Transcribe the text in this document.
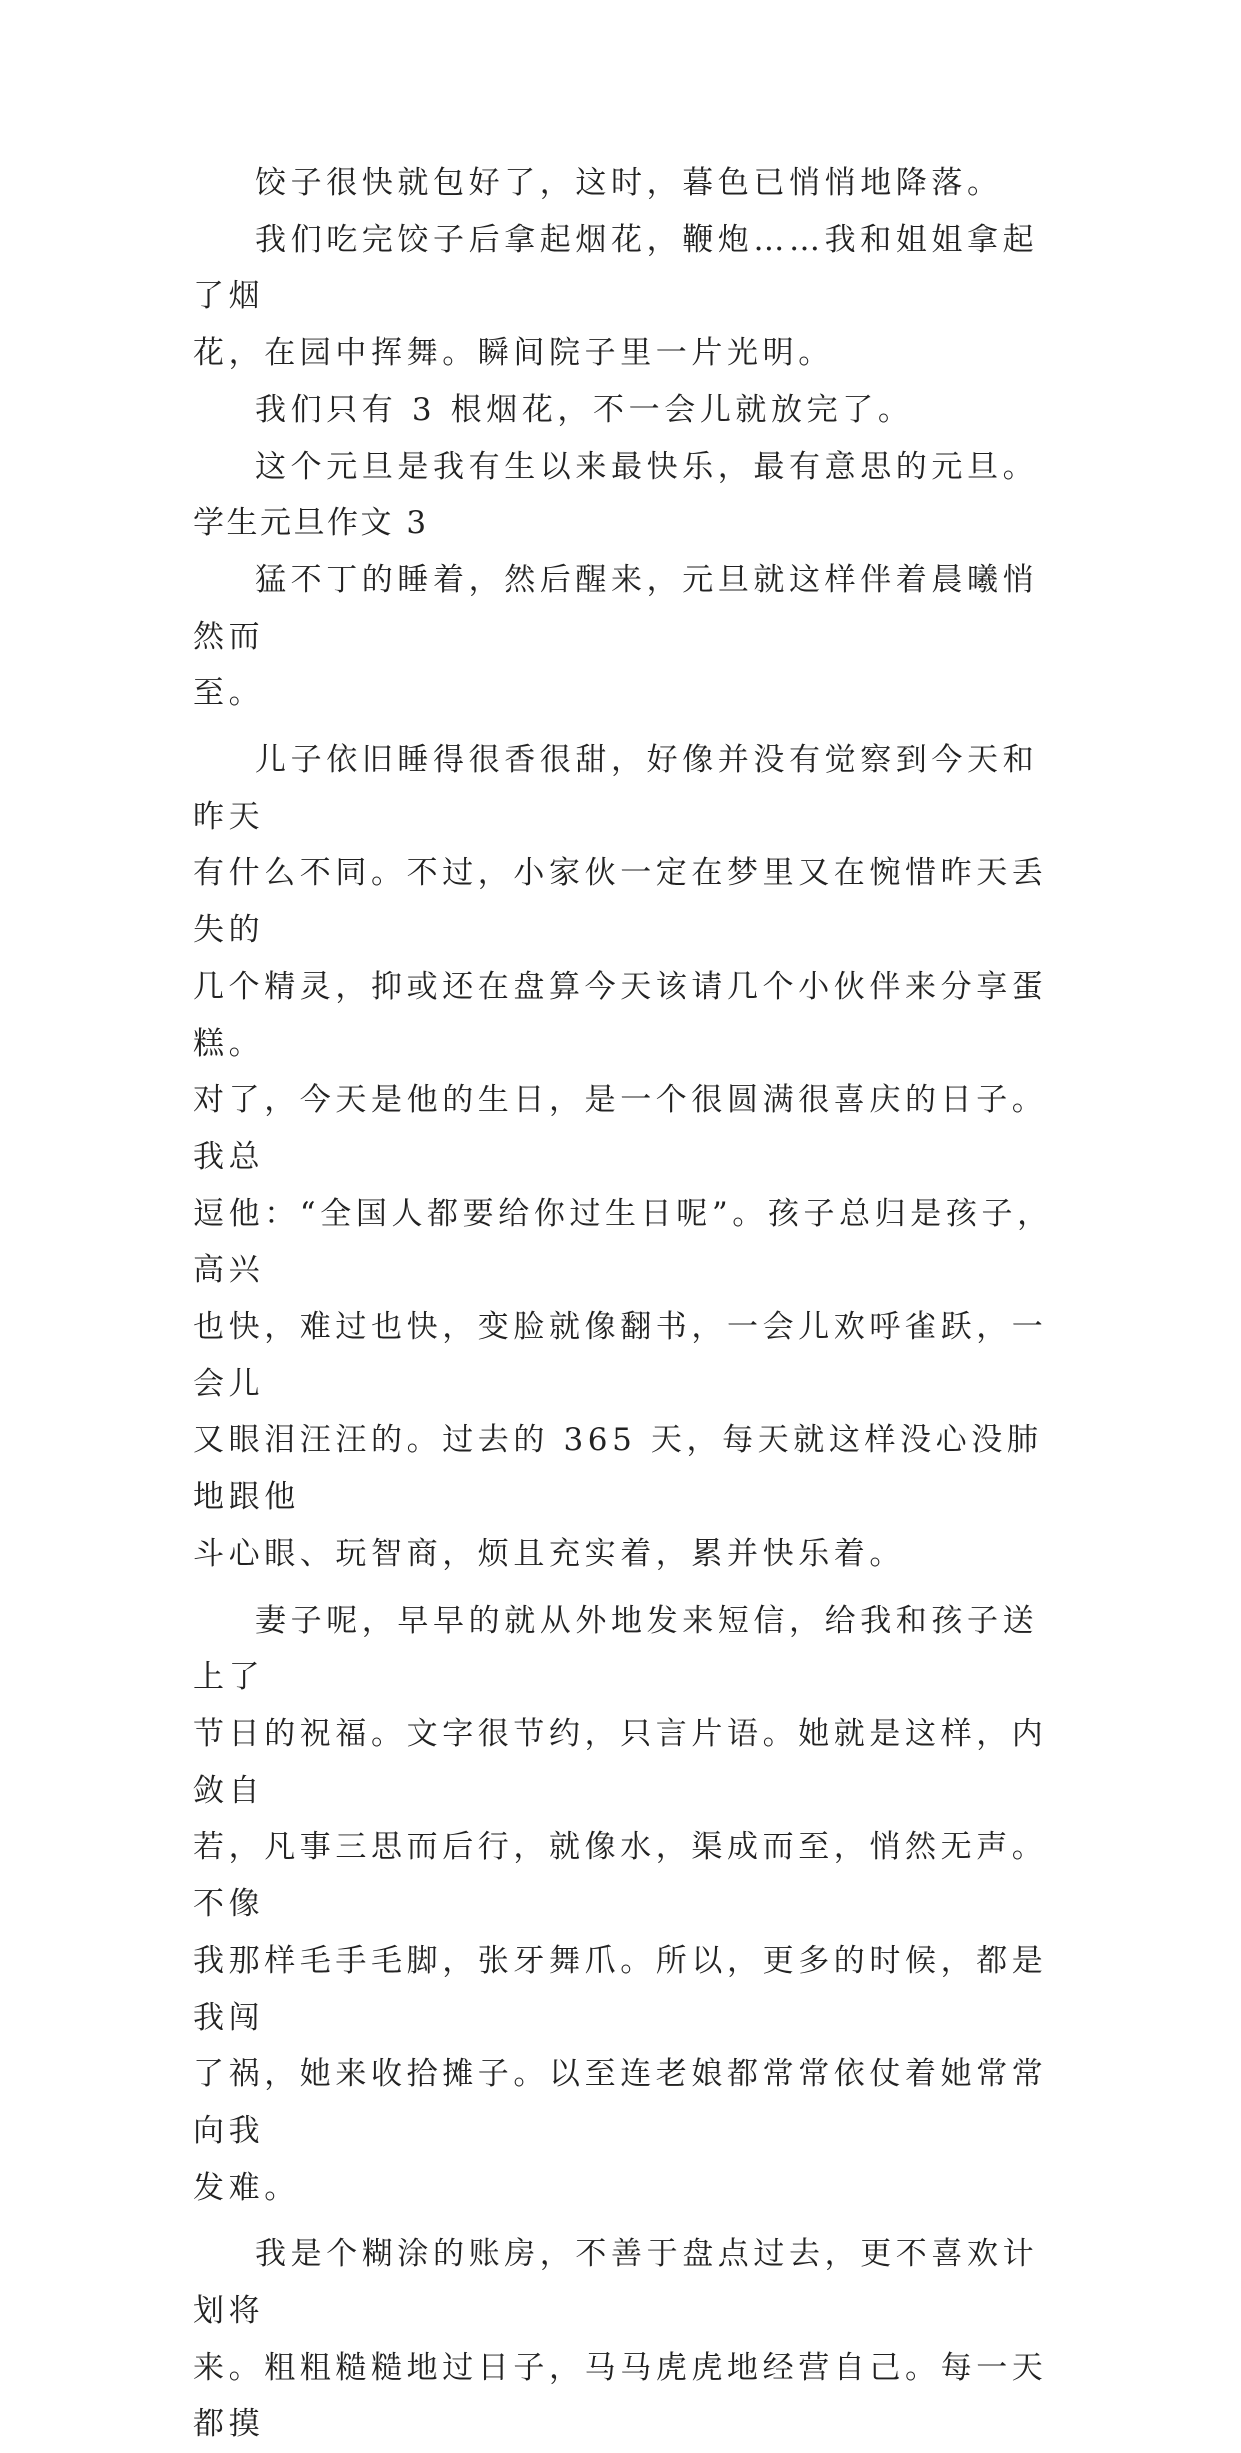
饺子很快就包好了，这时，暮色已悄悄地降落。

我们吃完饺子后拿起烟花，鞭炮……我和姐姐拿起了烟
花，在园中挥舞。瞬间院子里一片光明。

我们只有 3 根烟花，不一会儿就放完了。

这个元旦是我有生以来最快乐，最有意思的元旦。

学生元旦作文 3

猛不丁的睡着，然后醒来，元旦就这样伴着晨曦悄然而
至。

儿子依旧睡得很香很甜，好像并没有觉察到今天和昨天
有什么不同。不过，小家伙一定在梦里又在惋惜昨天丢失的
几个精灵，抑或还在盘算今天该请几个小伙伴来分享蛋糕。
对了，今天是他的生日，是一个很圆满很喜庆的日子。我总
逗他：“全国人都要给你过生日呢”。孩子总归是孩子，高兴
也快，难过也快，变脸就像翻书，一会儿欢呼雀跃，一会儿
又眼泪汪汪的。过去的 365 天，每天就这样没心没肺地跟他
斗心眼、玩智商，烦且充实着，累并快乐着。

妻子呢，早早的就从外地发来短信，给我和孩子送上了
节日的祝福。文字很节约，只言片语。她就是这样，内敛自
若，凡事三思而后行，就像水，渠成而至，悄然无声。不像
我那样毛手毛脚，张牙舞爪。所以，更多的时候，都是我闯
了祸，她来收拾摊子。以至连老娘都常常依仗着她常常向我
发难。

我是个糊涂的账房，不善于盘点过去，更不喜欢计划将
来。粗粗糙糙地过日子，马马虎虎地经营自己。每一天都摸
